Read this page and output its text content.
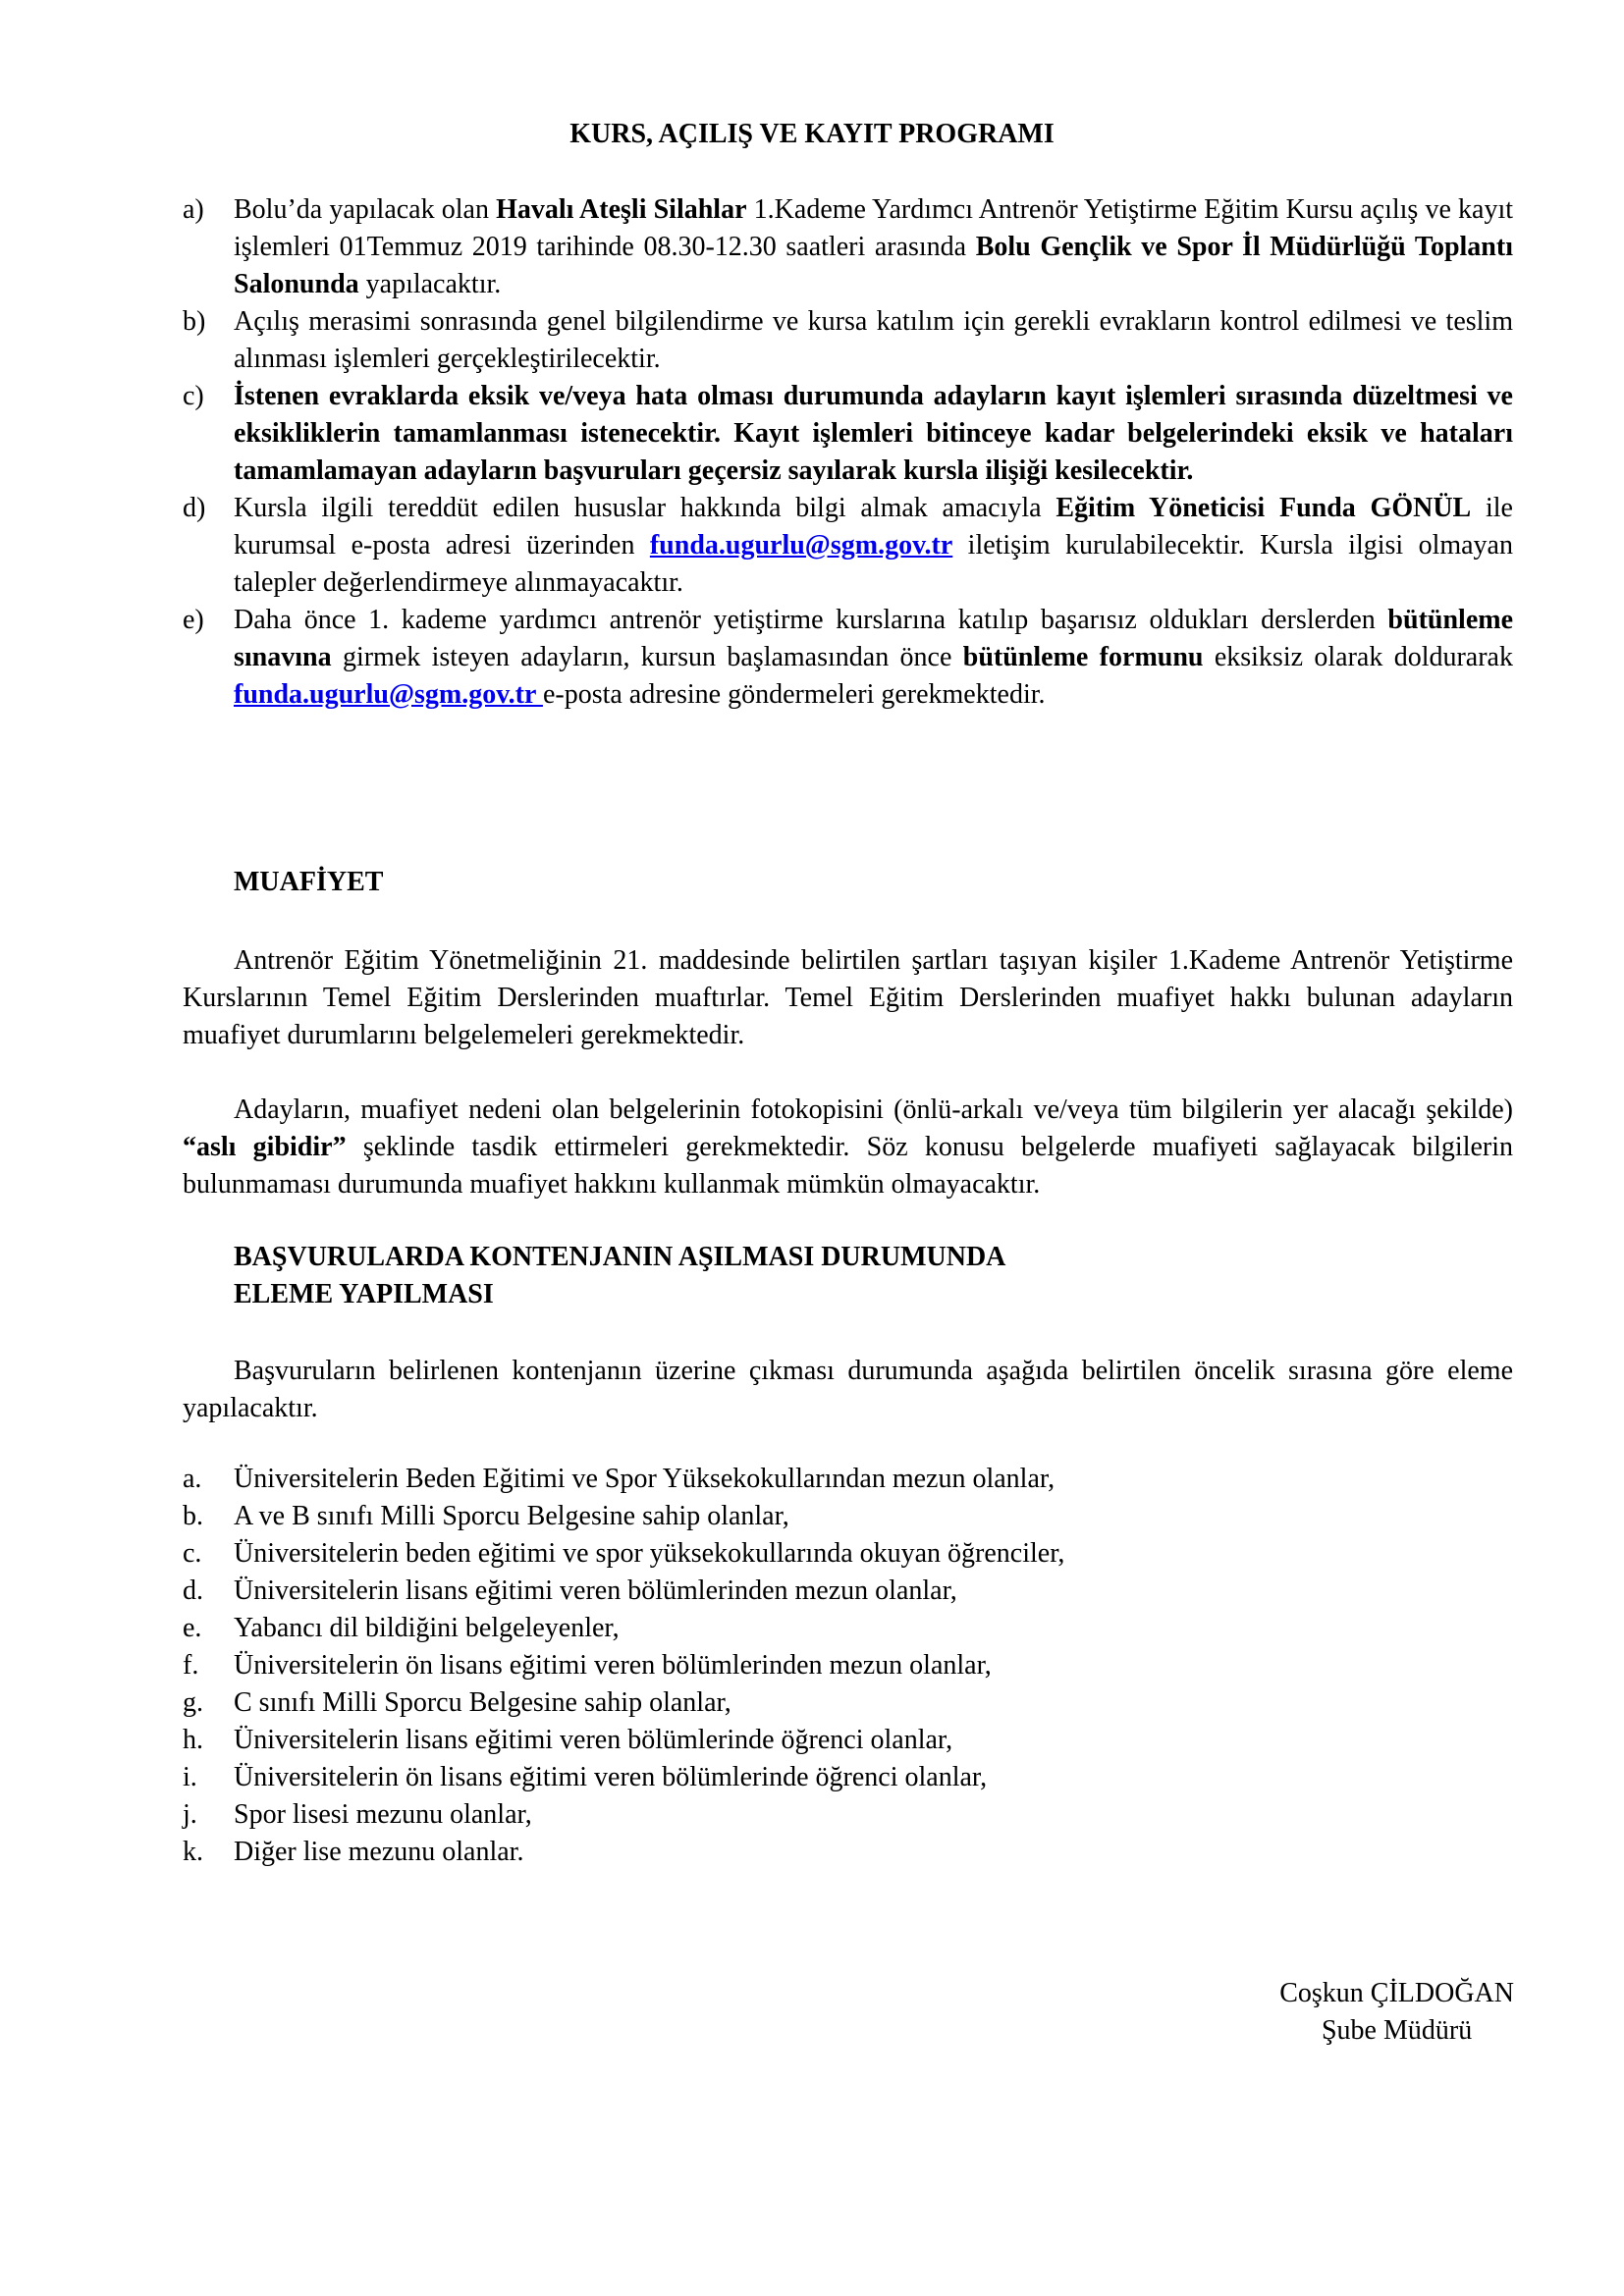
KURS, AÇILIŞ VE KAYIT PROGRAMI
a)	Bolu’da yapılacak olan Havalı Ateşli Silahlar 1.Kademe Yardımcı Antrenör Yetiştirme Eğitim Kursu açılış ve kayıt işlemleri 01Temmuz 2019 tarihinde 08.30-12.30 saatleri arasında Bolu Gençlik ve Spor İl Müdürlüğü Toplantı Salonunda yapılacaktır.
b)	Açılış merasimi sonrasında genel bilgilendirme ve kursa katılım için gerekli evrakların kontrol edilmesi ve teslim alınması işlemleri gerçekleştirilecektir.
c)	İstenen evraklarda eksik ve/veya hata olması durumunda adayların kayıt işlemleri sırasında düzeltmesi ve eksikliklerin tamamlanması istenecektir. Kayıt işlemleri bitinceye kadar belgelerindeki eksik ve hataları tamamlamayan adayların başvuruları geçersiz sayılarak kursla ilişiği kesilecektir.
d)	Kursla ilgili tereddüt edilen hususlar hakkında bilgi almak amacıyla Eğitim Yöneticisi Funda GÖNÜL ile kurumsal e-posta adresi üzerinden funda.ugurlu@sgm.gov.tr iletişim kurulabilecektir. Kursla ilgisi olmayan talepler değerlendirmeye alınmayacaktır.
e)	Daha önce 1. kademe yardımcı antrenör yetiştirme kurslarına katılıp başarısız oldukları derslerden bütünleme sınavına girmek isteyen adayların, kursun başlamasından önce bütünleme formunu eksiksiz olarak doldurarak funda.ugurlu@sgm.gov.tr e-posta adresine göndermeleri gerekmektedir.
MUAFİYET
Antrenör Eğitim Yönetmeliğinin 21. maddesinde belirtilen şartları taşıyan kişiler 1.Kademe Antrenör Yetiştirme Kurslarının Temel Eğitim Derslerinden muaftırlar. Temel Eğitim Derslerinden muafiyet hakkı bulunan adayların muafiyet durumlarını belgelemeleri gerekmektedir.
Adayların, muafiyet nedeni olan belgelerinin fotokopisini (önlü-arkalı ve/veya tüm bilgilerin yer alacağı şekilde) “aslı gibidir” şeklinde tasdik ettirmeleri gerekmektedir. Söz konusu belgelerde muafiyeti sağlayacak bilgilerin bulunmaması durumunda muafiyet hakkını kullanmak mümkün olmayacaktır.
BAŞVURULARDA KONTENJANIN AŞILMASI DURUMUNDA
ELEME YAPILMASI
Başvuruların belirlenen kontenjanın üzerine çıkması durumunda aşağıda belirtilen öncelik sırasına göre eleme yapılacaktır.
a.	Üniversitelerin Beden Eğitimi ve Spor Yüksekokullarından mezun olanlar,
b.	A ve B sınıfı Milli Sporcu Belgesine sahip olanlar,
c.	Üniversitelerin beden eğitimi ve spor yüksekokullarında okuyan öğrenciler,
d.	Üniversitelerin lisans eğitimi veren bölümlerinden mezun olanlar,
e.	Yabancı dil bildiğini belgeleyenler,
f.	Üniversitelerin ön lisans eğitimi veren bölümlerinden mezun olanlar,
g.	C sınıfı Milli Sporcu Belgesine sahip olanlar,
h.	Üniversitelerin lisans eğitimi veren bölümlerinde öğrenci olanlar,
i.	Üniversitelerin ön lisans eğitimi veren bölümlerinde öğrenci olanlar,
j.	Spor lisesi mezunu olanlar,
k.	Diğer lise mezunu olanlar.
Coşkun ÇİLDOĞAN
Şube Müdürü
